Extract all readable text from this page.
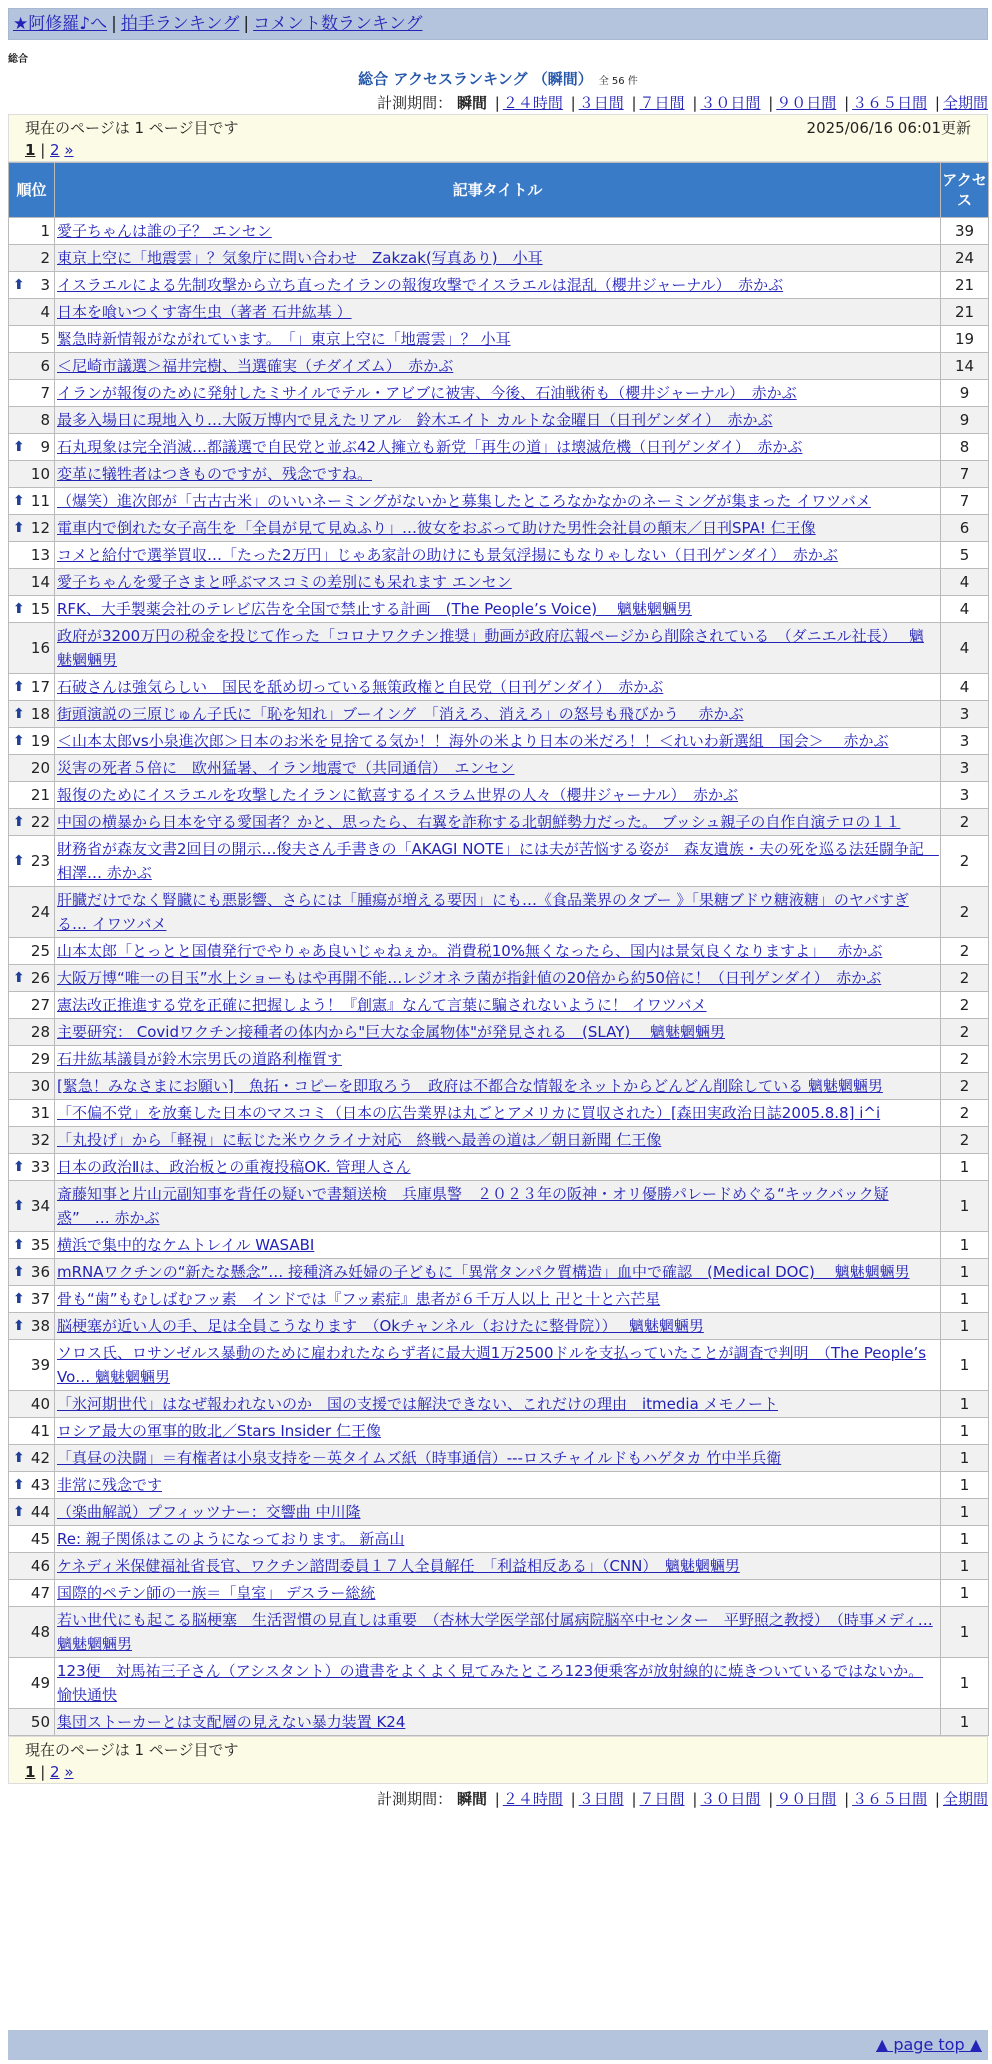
★阿修羅♪へ | 拍手ランキング | コメント数ランキング
総合
総合 アクセスランキング （瞬間） 全 56 件
計測期間： 瞬間 | ２４時間 | ３日間 | ７日間 | ３０日間 | ９０日間 | ３６５日間 | 全期間
現在のページは 1 ページ目です	2025/06/16 06:01更新
1 | 2 »
順位	記事タイトル	アクセス
1	愛子ちゃんは誰の子？ エンセン	39
2	東京上空に「地震雲」？気象庁に問い合わせ　Zakzak(写真あり)　小耳	24

⬆ 3	イスラエルによる先制攻撃から立ち直ったイランの報復攻撃でイスラエルは混乱（櫻井ジャーナル）　赤かぶ	21
4	日本を喰いつくす寄生虫（著者 石井紘基 ）	21
5	緊急時新情報がながれています。　「」東京上空に「地震雲」？ 小耳	19
6	＜尼崎市議選＞福井完樹、当選確実（チダイズム）　赤かぶ	14
7	イランが報復のために発射したミサイルでテル・アビブに被害、今後、石油戦術も（櫻井ジャーナル）　赤かぶ	9
8	最多入場日に現地入り…大阪万博内で見えたリアル　鈴木エイト カルトな金曜日（日刊ゲンダイ）　赤かぶ	9

⬆ 9	石丸現象は完全消滅…都議選で自民党と並ぶ42人擁立も新党「再生の道」は壊滅危機（日刊ゲンダイ）　赤かぶ	8
10	変革に犠牲者はつきものですが、残念ですね。	7

⬆ 11	（爆笑）進次郎が「古古古米」のいいネーミングがないかと募集したところなかなかのネーミングが集まった イワツバメ	7

⬆ 12	電車内で倒れた女子高生を「全員が見て見ぬふり」…彼女をおぶって助けた男性会社員の顛末／日刊SPA! 仁王像	6
13	コメと給付で選挙買収…「たった2万円」じゃあ家計の助けにも景気浮揚にもなりゃしない（日刊ゲンダイ）　赤かぶ	5
14	愛子ちゃんを愛子さまと呼ぶマスコミの差別にも呆れます エンセン	4

⬆ 15	RFK、大手製薬会社のテレビ広告を全国で禁止する計画　(The People’s Voice)　 魑魅魍魎男	4
16	政府が3200万円の税金を投じて作った「コロナワクチン推奨」動画が政府広報ページから削除されている　（ダニエル社長）　 魑魅魍魎男	4

⬆ 17	石破さんは強気らしい　国民を舐め切っている無策政権と自民党（日刊ゲンダイ）　赤かぶ	4

⬆ 18	街頭演説の三原じゅん子氏に「恥を知れ」ブーイング　「消えろ、消えろ」の怒号も飛びかう　 赤かぶ	3

⬆ 19	＜山本太郎vs小泉進次郎＞日本のお米を見捨てる気か！！海外の米より日本の米だろ！！＜れいわ新選組　国会＞　 赤かぶ	3
20	災害の死者５倍に　欧州猛暑、イラン地震で（共同通信）　エンセン	3
21	報復のためにイスラエルを攻撃したイランに歓喜するイスラム世界の人々（櫻井ジャーナル）　赤かぶ	3

⬆ 22	中国の横暴から日本を守る愛国者？かと、思ったら、右翼を詐称する北朝鮮勢力だった。 ブッシュ親子の自作自演テロの１１	2

⬆ 23	財務省が森友文書2回目の開示…俊夫さん手書きの「AKAGI NOTE」には夫が苦悩する姿が　森友遺族・夫の死を巡る法廷闘争記　相澤… 赤かぶ	2
24	肝臓だけでなく腎臓にも悪影響、さらには「腫瘍が増える要因」にも…《食品業界のタブー 》「果糖ブドウ糖液糖」のヤバすぎる… イワツバメ	2
25	山本太郎「とっとと国債発行でやりゃあ良いじゃねぇか。消費税10%無くなったら、国内は景気良くなりますよ」　 赤かぶ	2

⬆ 26	大阪万博“唯一の目玉”水上ショーもはや再開不能…レジオネラ菌が指針値の20倍から約50倍に！（日刊ゲンダイ）　赤かぶ	2
27	憲法改正推進する党を正確に把握しよう！『創憲』なんて言葉に騙されないように！ イワツバメ	2
28	主要研究： Covidワクチン接種者の体内から"巨大な金属物体"が発見される　(SLAY)　 魑魅魍魎男	2
29	石井紘基議員が鈴木宗男氏の道路利権質す	2
30	[緊急！みなさまにお願い]　魚拓・コピーを即取ろう　政府は不都合な情報をネットからどんどん削除している 魑魅魍魎男	2
31	「不偏不党」を放棄した日本のマスコミ（日本の広告業界は丸ごとアメリカに買収された）[森田実政治日誌2005.8.8] i^i	2
32	「丸投げ」から「軽視」に転じた米ウクライナ対応　終戦へ最善の道は／朝日新聞 仁王像	2

⬆ 33	日本の政治Ⅱは、政治板との重複投稿OK. 管理人さん	1

⬆ 34	斎藤知事と片山元副知事を背任の疑いで書類送検　兵庫県警　２０２３年の阪神・オリ優勝パレードめぐる“キックバック疑惑”　… 赤かぶ	1

⬆ 35	横浜で集中的なケムトレイル WASABI	1

⬆ 36	mRNAワクチンの“新たな懸念”… 接種済み妊婦の子どもに「異常タンパク質構造」血中で確認　(Medical DOC)　 魑魅魍魎男	1

⬆ 37	骨も“歯”もむしばむフッ素　インドでは『フッ素症』患者が６千万人以上 卍と十と六芒星	1

⬆ 38	脳梗塞が近い人の手、足は全員こうなります　（Okチャンネル（おけたに整骨院））　 魑魅魍魎男	1
39	ソロス氏、ロサンゼルス暴動のために雇われたならず者に最大週1万2500ドルを支払っていたことが調査で判明　（The People’s Vo… 魑魅魍魎男	1
40	「氷河期世代」はなぜ報われないのか　国の支援では解決できない、これだけの理由　itmedia メモノート	1
41	ロシア最大の軍事的敗北／Stars Insider 仁王像	1

⬆ 42	「真昼の決闘」＝有権者は小泉支持を－英タイムズ紙（時事通信）---ロスチャイルドもハゲタカ 竹中半兵衛	1

⬆ 43	非常に残念です	1

⬆ 44	（楽曲解説）プフィッツナー：交響曲 中川隆	1
45	Re: 親子関係はこのようになっております。 新高山	1
46	ケネディ米保健福祉省長官、ワクチン諮問委員１７人全員解任　「利益相反ある」（CNN）　魑魅魍魎男	1
47	国際的ペテン師の一族＝「皇室」 デスラー総統	1
48	若い世代にも起こる脳梗塞　生活習慣の見直しは重要　（杏林大学医学部付属病院脳卒中センター　平野照之教授）　（時事メディ… 魑魅魍魎男	1
49	123便　対馬祐三子さん（アシスタント）の遺書をよくよく見てみたところ123便乗客が放射線的に焼きついているではないか。 愉快通快	1
50	集団ストーカーとは支配層の見えない暴力装置 K24	1
現在のページは 1 ページ目です
1 | 2 »
計測期間： 瞬間 | ２４時間 | ３日間 | ７日間 | ３０日間 | ９０日間 | ３６５日間 | 全期間
▲ page top ▲
